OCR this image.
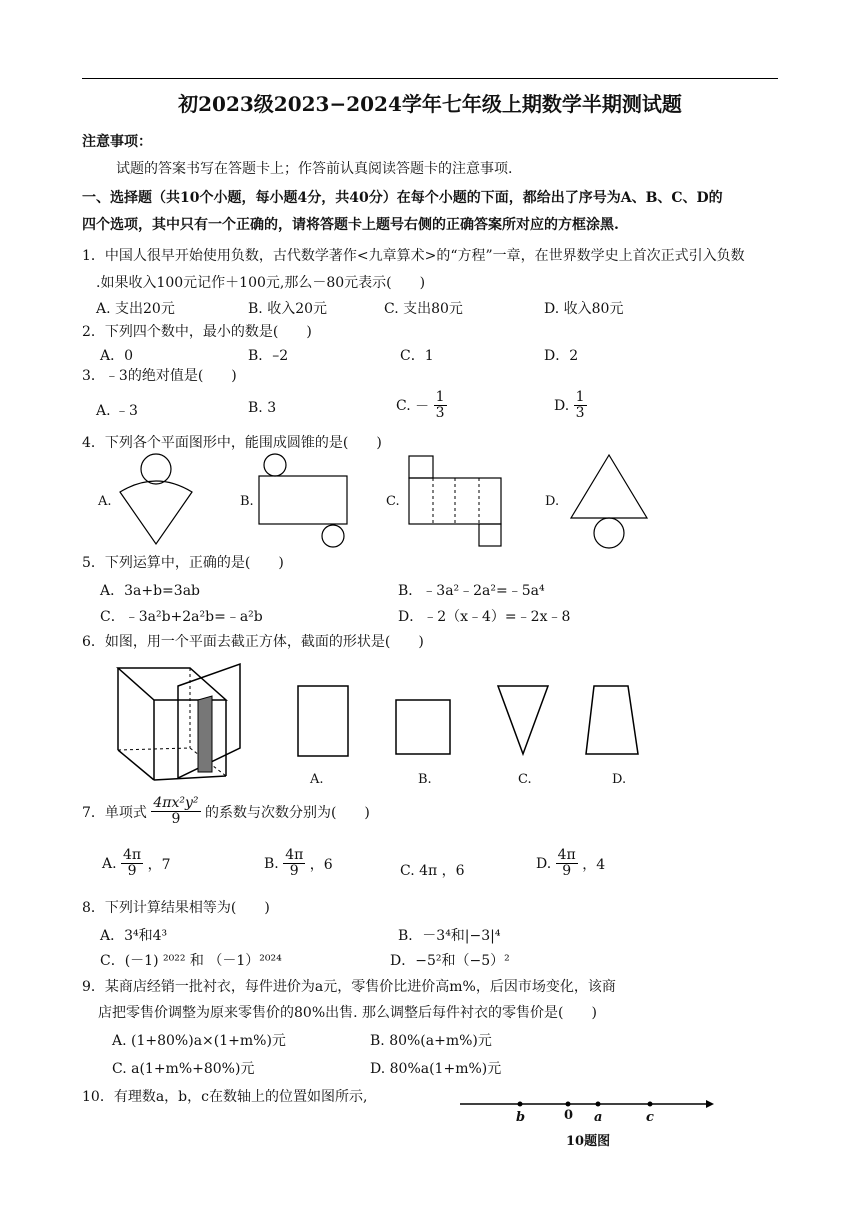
初2023级2023−2024学年七年级上期数学半期测试题
注意事项：
试题的答案书写在答题卡上；作答前认真阅读答题卡的注意事项.
一、选择题（共10个小题，每小题4分，共40分）在每个小题的下面，都给出了序号为A、B、C、D的
四个选项，其中只有一个正确的，请将答题卡上题号右侧的正确答案所对应的方框涂黑.
1．中国人很早开始使用负数，古代数学著作<九章算术>的“方程”一章，在世界数学史上首次正式引入负数
.如果收入100元记作＋100元,那么－80元表示(　　)
A. 支出20元	B. 收入20元	C. 支出80元	D. 收入80元
2．下列四个数中，最小的数是(　　)
A．0	B．–2	C．1	D．2
3．﹣3的绝对值是(　　)
A. ﹣3	B. 3	C. － $\frac{1}{3}$	D. $\frac{1}{3}$
4．下列各个平面图形中，能围成圆锥的是(　　)
A.	B.	C.	D.
5．下列运算中，正确的是(　　)
A．3a+b=3ab	B．﹣3a²﹣2a²=﹣5a⁴
C．﹣3a²b+2a²b=﹣a²b	D．﹣2（x﹣4）=﹣2x﹣8
6．如图，用一个平面去截正方体，截面的形状是(　　)
A.	B.	C.	D.
7．单项式 $\frac{\text{4πx²y²}}{9}$ 的系数与次数分别为(　　)
A. $\frac{4\pi}{9}$ ，7	B. $\frac{4\pi}{9}$ ，6	C. 4π ，6	D. $\frac{4\pi}{9}$ ，4
8．下列计算结果相等为(　　)
A．3⁴和4³	B．－3⁴和|−3|⁴
C．(－1) ²⁰²² 和 （－1）²⁰²⁴	D．−5²和（−5）²
9．某商店经销一批衬衣，每件进价为a元，零售价比进价高m%，后因市场变化，该商
店把零售价调整为原来零售价的80%出售. 那么调整后每件衬衣的零售价是(　　)
A. (1+80%)a×(1+m%)元	B. 80%(a+m%)元
C. a(1+m%+80%)元	D. 80%a(1+m%)元
10．有理数a，b，c在数轴上的位置如图所示,
b	0 a	c
10题图
